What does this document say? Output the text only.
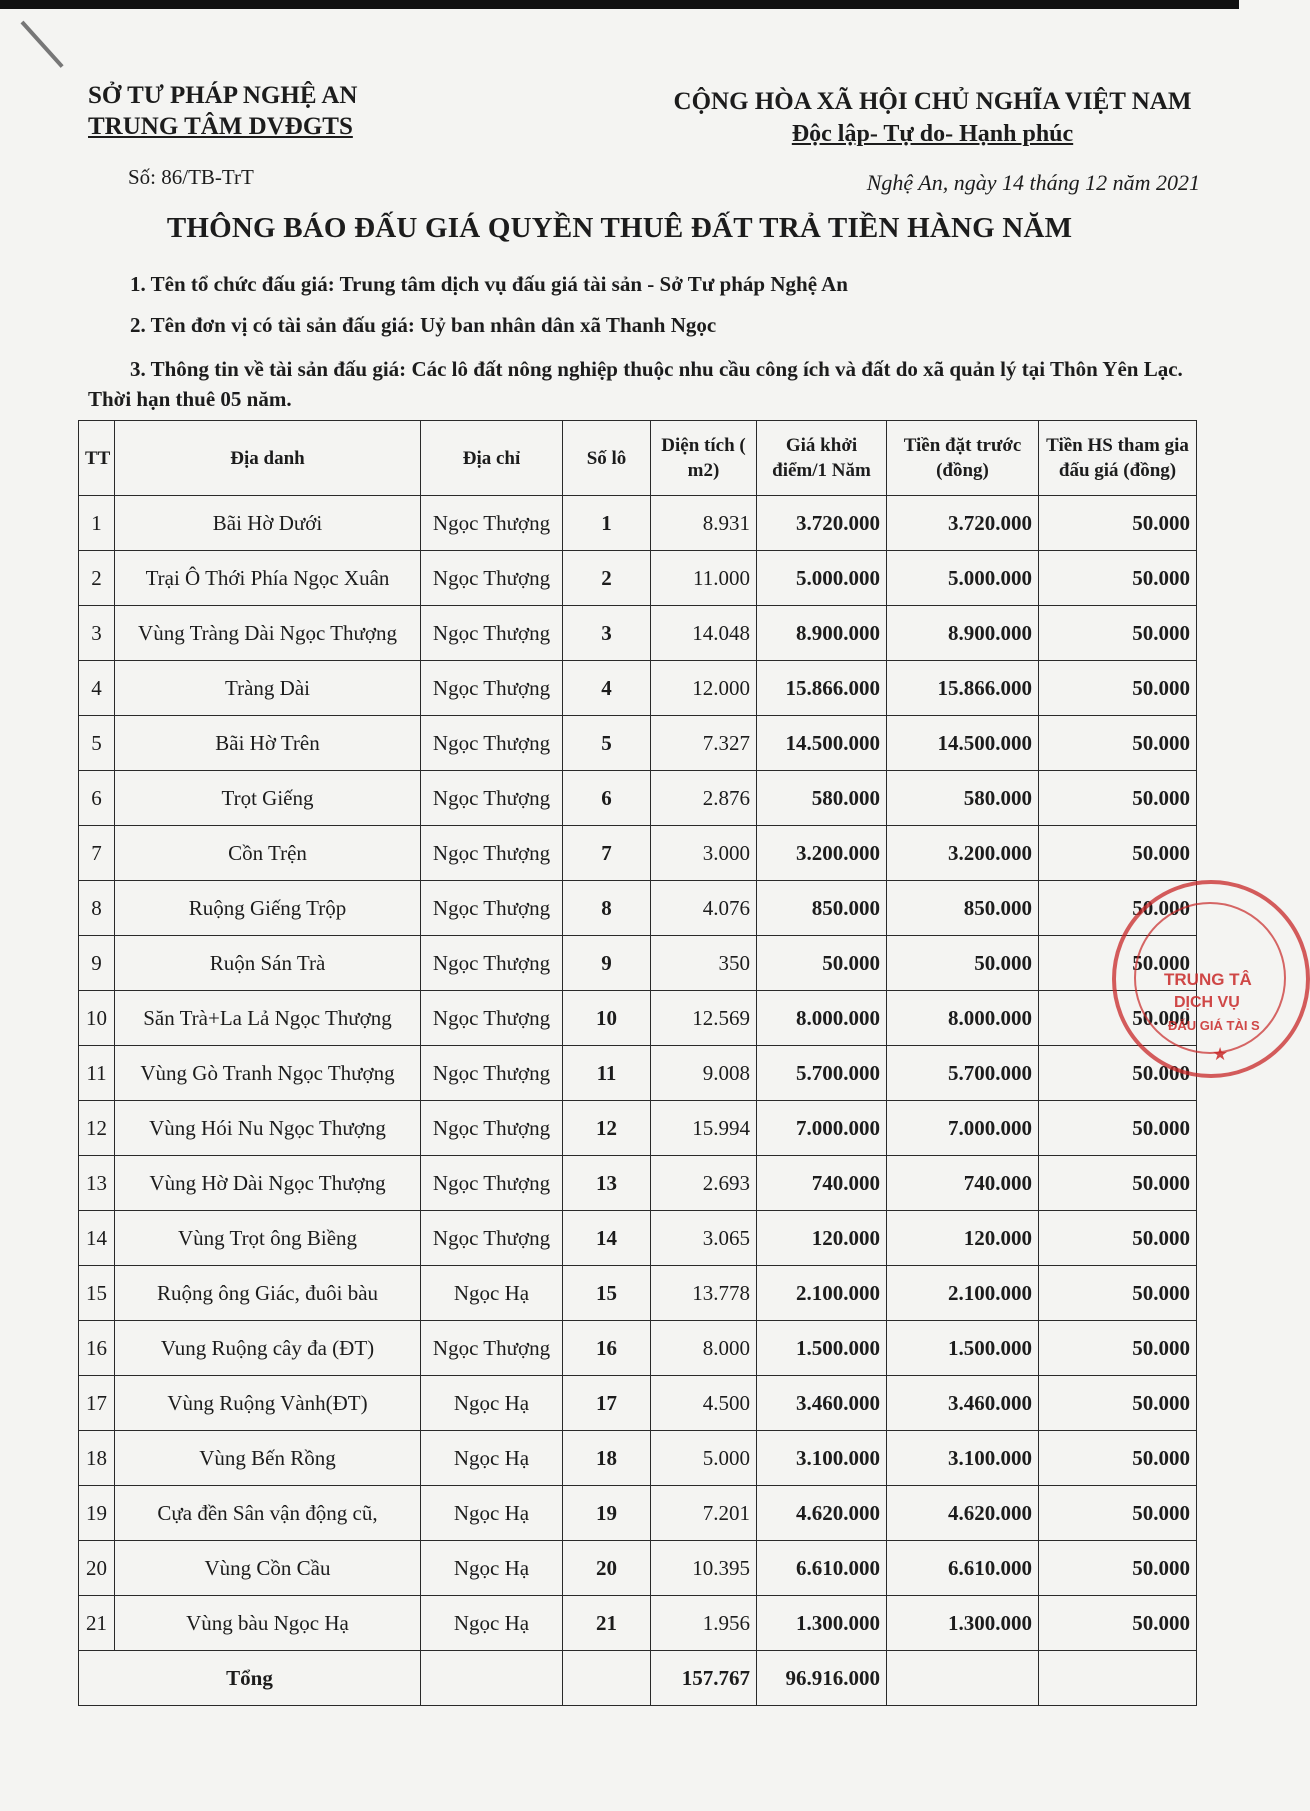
SỞ TƯ PHÁP NGHỆ AN
TRUNG TÂM DVĐGTS
CỘNG HÒA XÃ HỘI CHỦ NGHĨA VIỆT NAM
Độc lập- Tự do- Hạnh phúc
Số: 86/TB-TrT	Nghệ An, ngày 14 tháng 12 năm 2021
THÔNG BÁO ĐẤU GIÁ QUYỀN THUÊ ĐẤT TRẢ TIỀN HÀNG NĂM
1. Tên tổ chức đấu giá: Trung tâm dịch vụ đấu giá tài sản - Sở Tư pháp Nghệ An
2. Tên đơn vị có tài sản đấu giá: Uỷ ban nhân dân xã Thanh Ngọc
3. Thông tin về tài sản đấu giá: Các lô đất nông nghiệp thuộc nhu cầu công ích và đất do xã quản lý tại Thôn Yên Lạc. Thời hạn thuê 05 năm.
TT	Địa danh	Địa chỉ	Số lô	Diện tích ( m2)	Giá khởi điểm/1 Năm	Tiền đặt trước (đồng)	Tiền HS tham gia đấu giá (đồng)
1	Bãi Hờ Dưới	Ngọc Thượng	1	8.931	3.720.000	3.720.000	50.000
2	Trại Ô Thới Phía Ngọc Xuân	Ngọc Thượng	2	11.000	5.000.000	5.000.000	50.000
3	Vùng Tràng Dài Ngọc Thượng	Ngọc Thượng	3	14.048	8.900.000	8.900.000	50.000
4	Tràng Dài	Ngọc Thượng	4	12.000	15.866.000	15.866.000	50.000
5	Bãi Hờ Trên	Ngọc Thượng	5	7.327	14.500.000	14.500.000	50.000
6	Trọt Giếng	Ngọc Thượng	6	2.876	580.000	580.000	50.000
7	Cồn Trện	Ngọc Thượng	7	3.000	3.200.000	3.200.000	50.000
8	Ruộng Giếng Trộp	Ngọc Thượng	8	4.076	850.000	850.000	50.000
9	Ruộn Sán Trà	Ngọc Thượng	9	350	50.000	50.000	50.000
10	Săn Trà+La Lả Ngọc Thượng	Ngọc Thượng	10	12.569	8.000.000	8.000.000	50.000
11	Vùng Gò Tranh Ngọc Thượng	Ngọc Thượng	11	9.008	5.700.000	5.700.000	50.000
12	Vùng Hói Nu Ngọc Thượng	Ngọc Thượng	12	15.994	7.000.000	7.000.000	50.000
13	Vùng Hờ Dài Ngọc Thượng	Ngọc Thượng	13	2.693	740.000	740.000	50.000
14	Vùng Trọt ông Biềng	Ngọc Thượng	14	3.065	120.000	120.000	50.000
15	Ruộng ông Giác, đuôi bàu	Ngọc Hạ	15	13.778	2.100.000	2.100.000	50.000
16	Vung Ruộng cây đa (ĐT)	Ngọc Thượng	16	8.000	1.500.000	1.500.000	50.000
17	Vùng Ruộng Vành(ĐT)	Ngọc Hạ	17	4.500	3.460.000	3.460.000	50.000
18	Vùng Bến Rồng	Ngọc Hạ	18	5.000	3.100.000	3.100.000	50.000
19	Cựa đền Sân vận động cũ,	Ngọc Hạ	19	7.201	4.620.000	4.620.000	50.000
20	Vùng Cồn Cầu	Ngọc Hạ	20	10.395	6.610.000	6.610.000	50.000
21	Vùng bàu Ngọc Hạ	Ngọc Hạ	21	1.956	1.300.000	1.300.000	50.000
Tổng				157.767	96.916.000		
TRUNG TÂ
DỊCH VỤ
ĐẤU GIÁ TÀI S
★
